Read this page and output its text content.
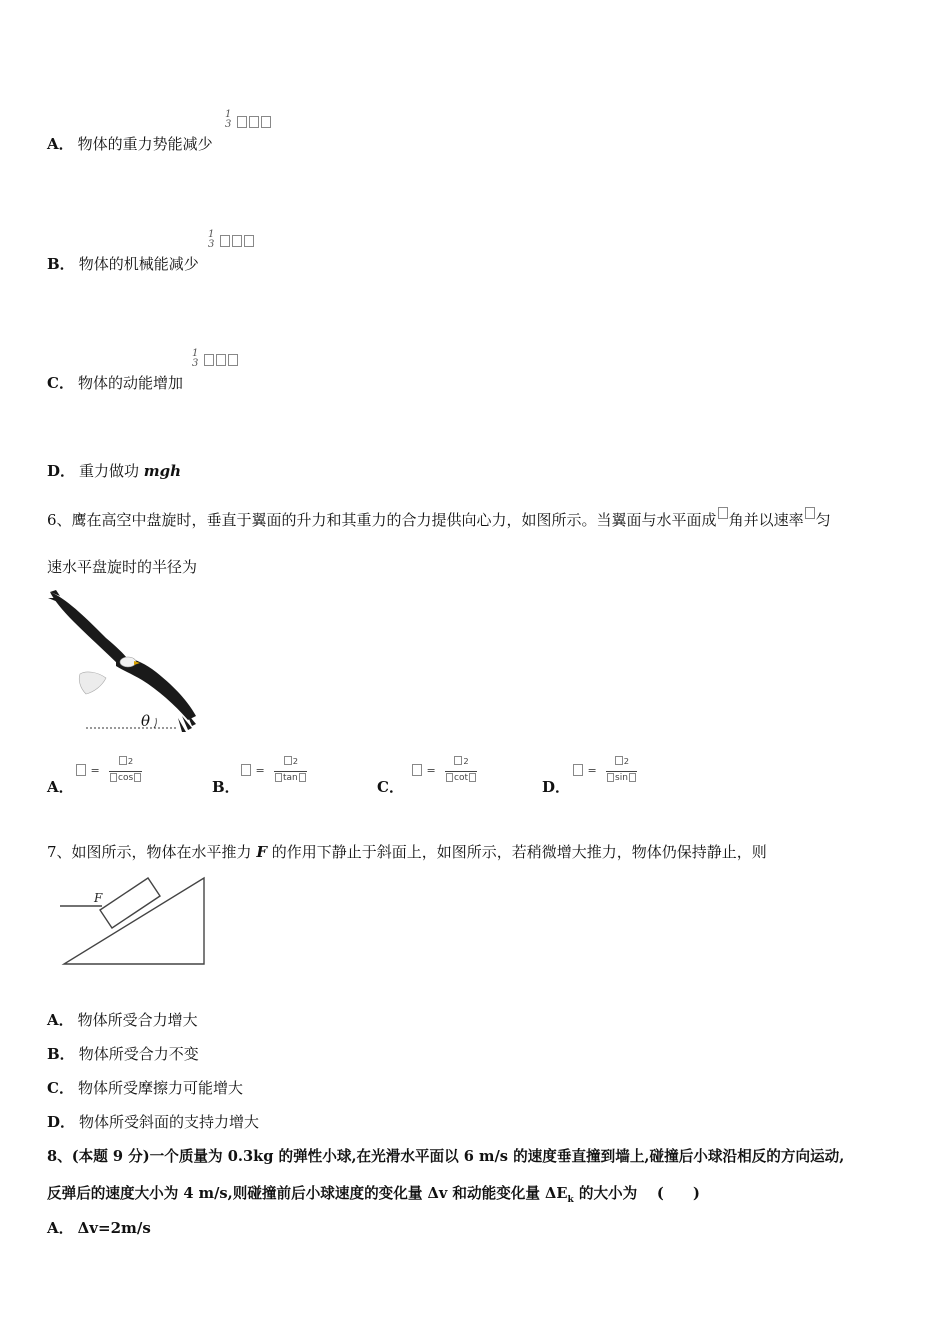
A． 物体的重力势能减少
1
3
B． 物体的机械能减少
1
3
C． 物体的动能增加
1
3
D． 重力做功 mgh
6、鹰在高空中盘旋时，垂直于翼面的升力和其重力的合力提供向心力，如图所示。当翼面与水平面成 角并以速率 匀
速水平盘旋时的半径为
θ
A．
= $\frac{^2}{\cos}$
B．
= $\frac{^2}{\tan}$
C．
= $\frac{^2}{\cot}$
D．
= $\frac{^2}{\sin}$
7、如图所示，物体在水平推力 F 的作用下静止于斜面上，如图所示，若稍微增大推力，物体仍保持静止，则
F
A． 物体所受合力增大
B． 物体所受合力不变
C． 物体所受摩擦力可能增大
D． 物体所受斜面的支持力增大
8、(本题 9 分)一个质量为 0.3kg 的弹性小球,在光滑水平面以 6 m/s 的速度垂直撞到墙上,碰撞后小球沿相反的方向运动,
反弹后的速度大小为 4 m/s,则碰撞前后小球速度的变化量 Δv 和动能变化量 $\Delta E_k$ 的大小为 　(　　)
A． Δv=2m/s
